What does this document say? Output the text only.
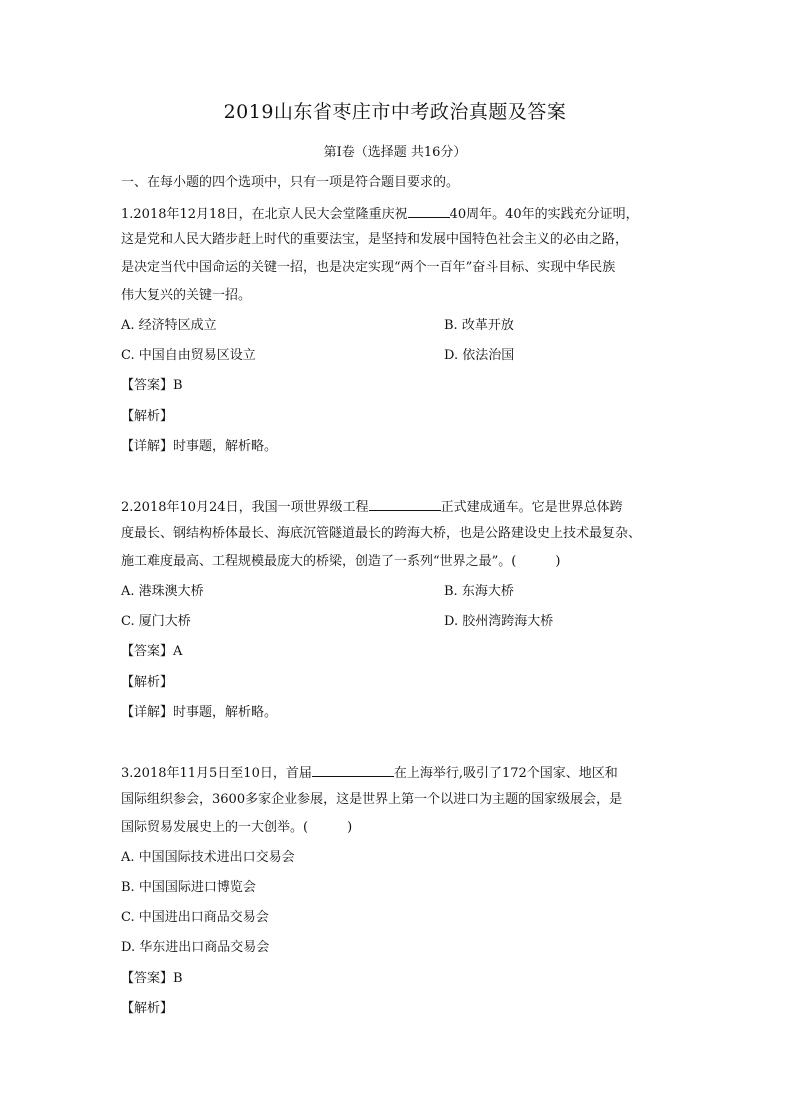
2019山东省枣庄市中考政治真题及答案
第I卷（选择题 共16分）
一、在每小题的四个选项中，只有一项是符合题目要求的。
1.2018年12月18日，在北京人民大会堂隆重庆祝	40周年。40年的实践充分证明，
这是党和人民大踏步赶上时代的重要法宝，是坚持和发展中国特色社会主义的必由之路，
是决定当代中国命运的关键一招，也是决定实现“两个一百年”奋斗目标、实现中华民族
伟大复兴的关键一招。
A. 经济特区成立	B. 改革开放
C. 中国自由贸易区设立	D. 依法治国
【答案】B
【解析】
【详解】时事题，解析略。
2.2018年10月24日，我国一项世界级工程	正式建成通车。它是世界总体跨
度最长、钢结构桥体最长、海底沉管隧道最长的跨海大桥，也是公路建设史上技术最复杂、
施工难度最高、工程规模最庞大的桥梁，创造了一系列“世界之最”。(　　　)
A. 港珠澳大桥	B. 东海大桥
C. 厦门大桥	D. 胶州湾跨海大桥
【答案】A
【解析】
【详解】时事题，解析略。
3.2018年11月5日至10日，首届	在上海举行,吸引了172个国家、地区和
国际组织参会，3600多家企业参展，这是世界上第一个以进口为主题的国家级展会，是
国际贸易发展史上的一大创举。(　　　)
A. 中国国际技术进出口交易会
B. 中国国际进口博览会
C. 中国进出口商品交易会
D. 华东进出口商品交易会
【答案】B
【解析】
